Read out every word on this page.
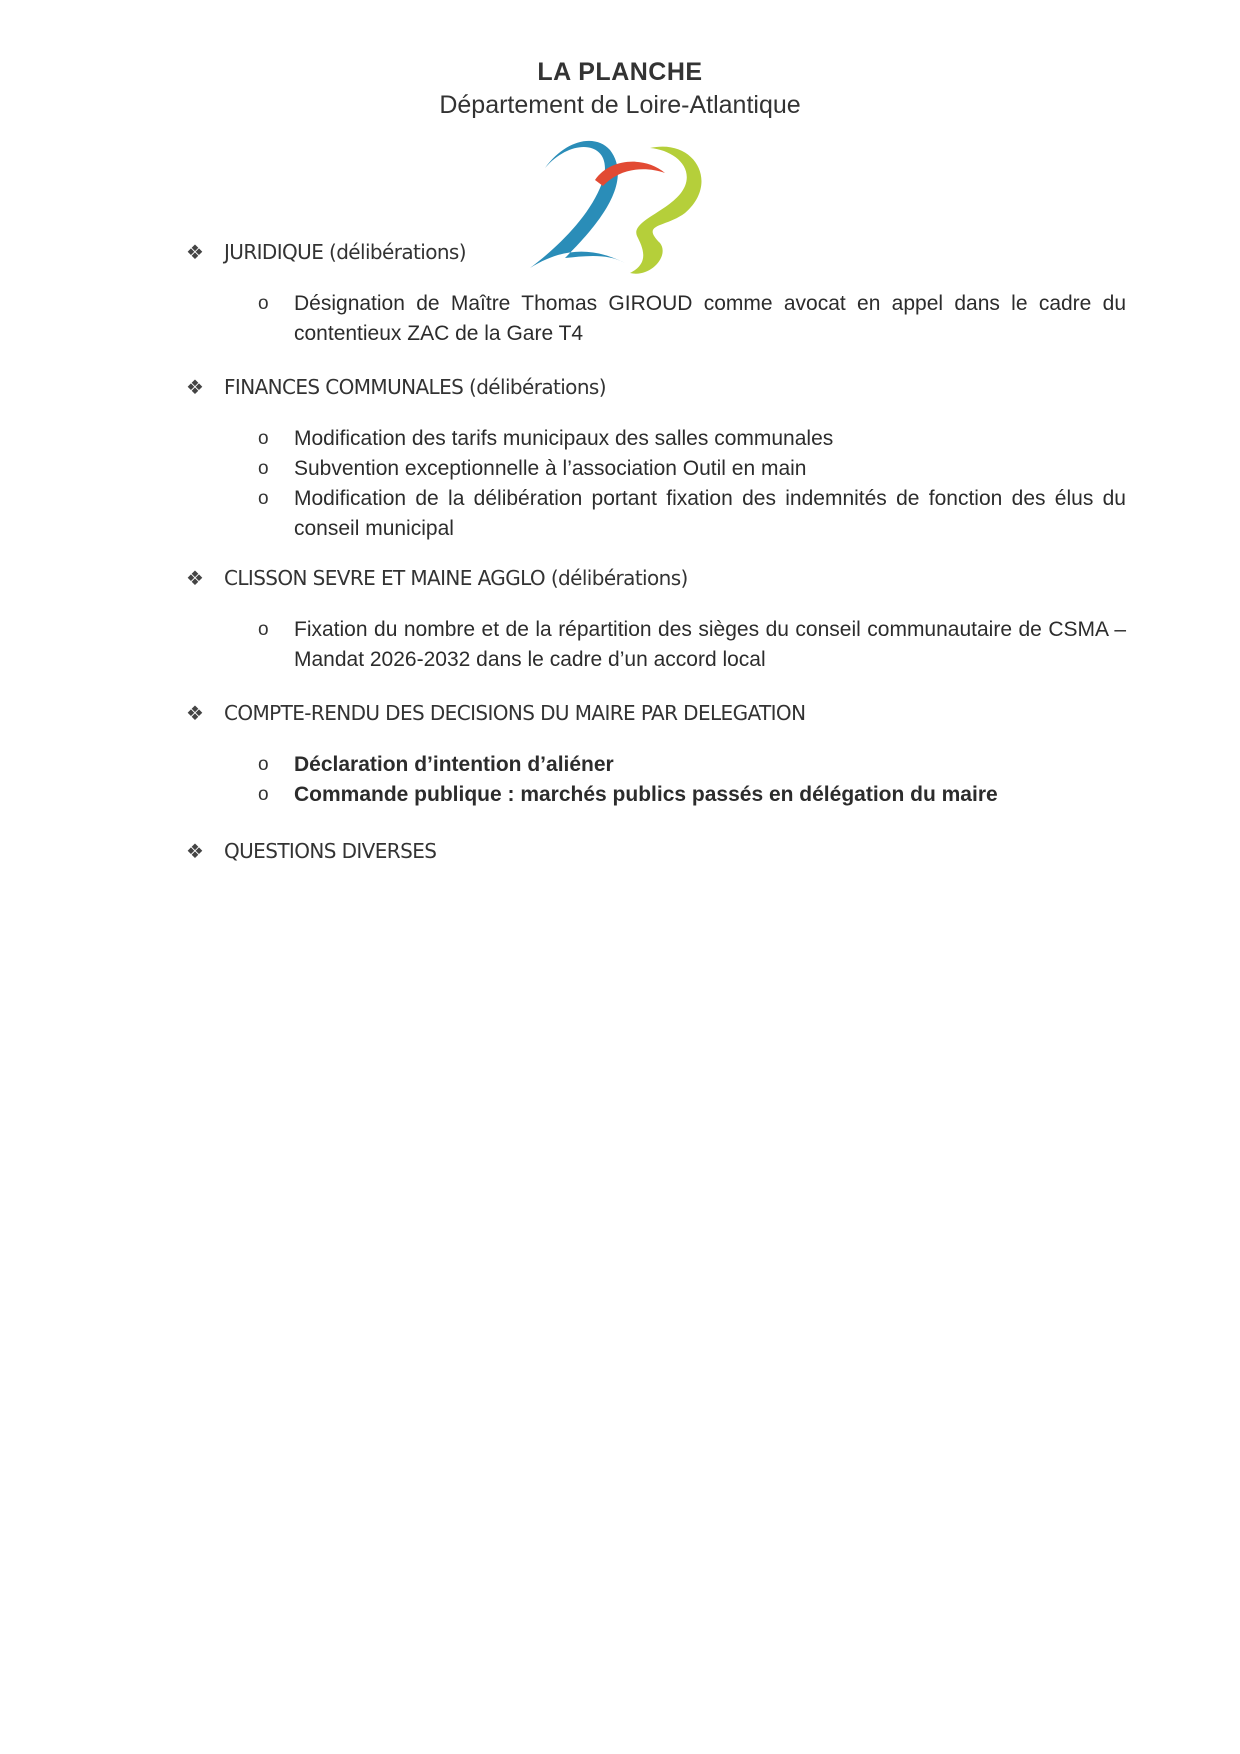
LA PLANCHE
Département de Loire-Atlantique
❖	JURIDIQUE (délibérations)
o	Désignation de Maître Thomas GIROUD comme avocat en appel dans le cadre du contentieux ZAC de la Gare T4
❖	FINANCES COMMUNALES (délibérations)
o	Modification des tarifs municipaux des salles communales
o	Subvention exceptionnelle à l’association Outil en main
o	Modification de la délibération portant fixation des indemnités de fonction des élus du conseil municipal
❖	CLISSON SEVRE ET MAINE AGGLO (délibérations)
o	Fixation du nombre et de la répartition des sièges du conseil communautaire de CSMA – Mandat 2026-2032 dans le cadre d’un accord local
❖	COMPTE-RENDU DES DECISIONS DU MAIRE PAR DELEGATION
o	Déclaration d’intention d’aliéner
o	Commande publique : marchés publics passés en délégation du maire
❖	QUESTIONS DIVERSES
